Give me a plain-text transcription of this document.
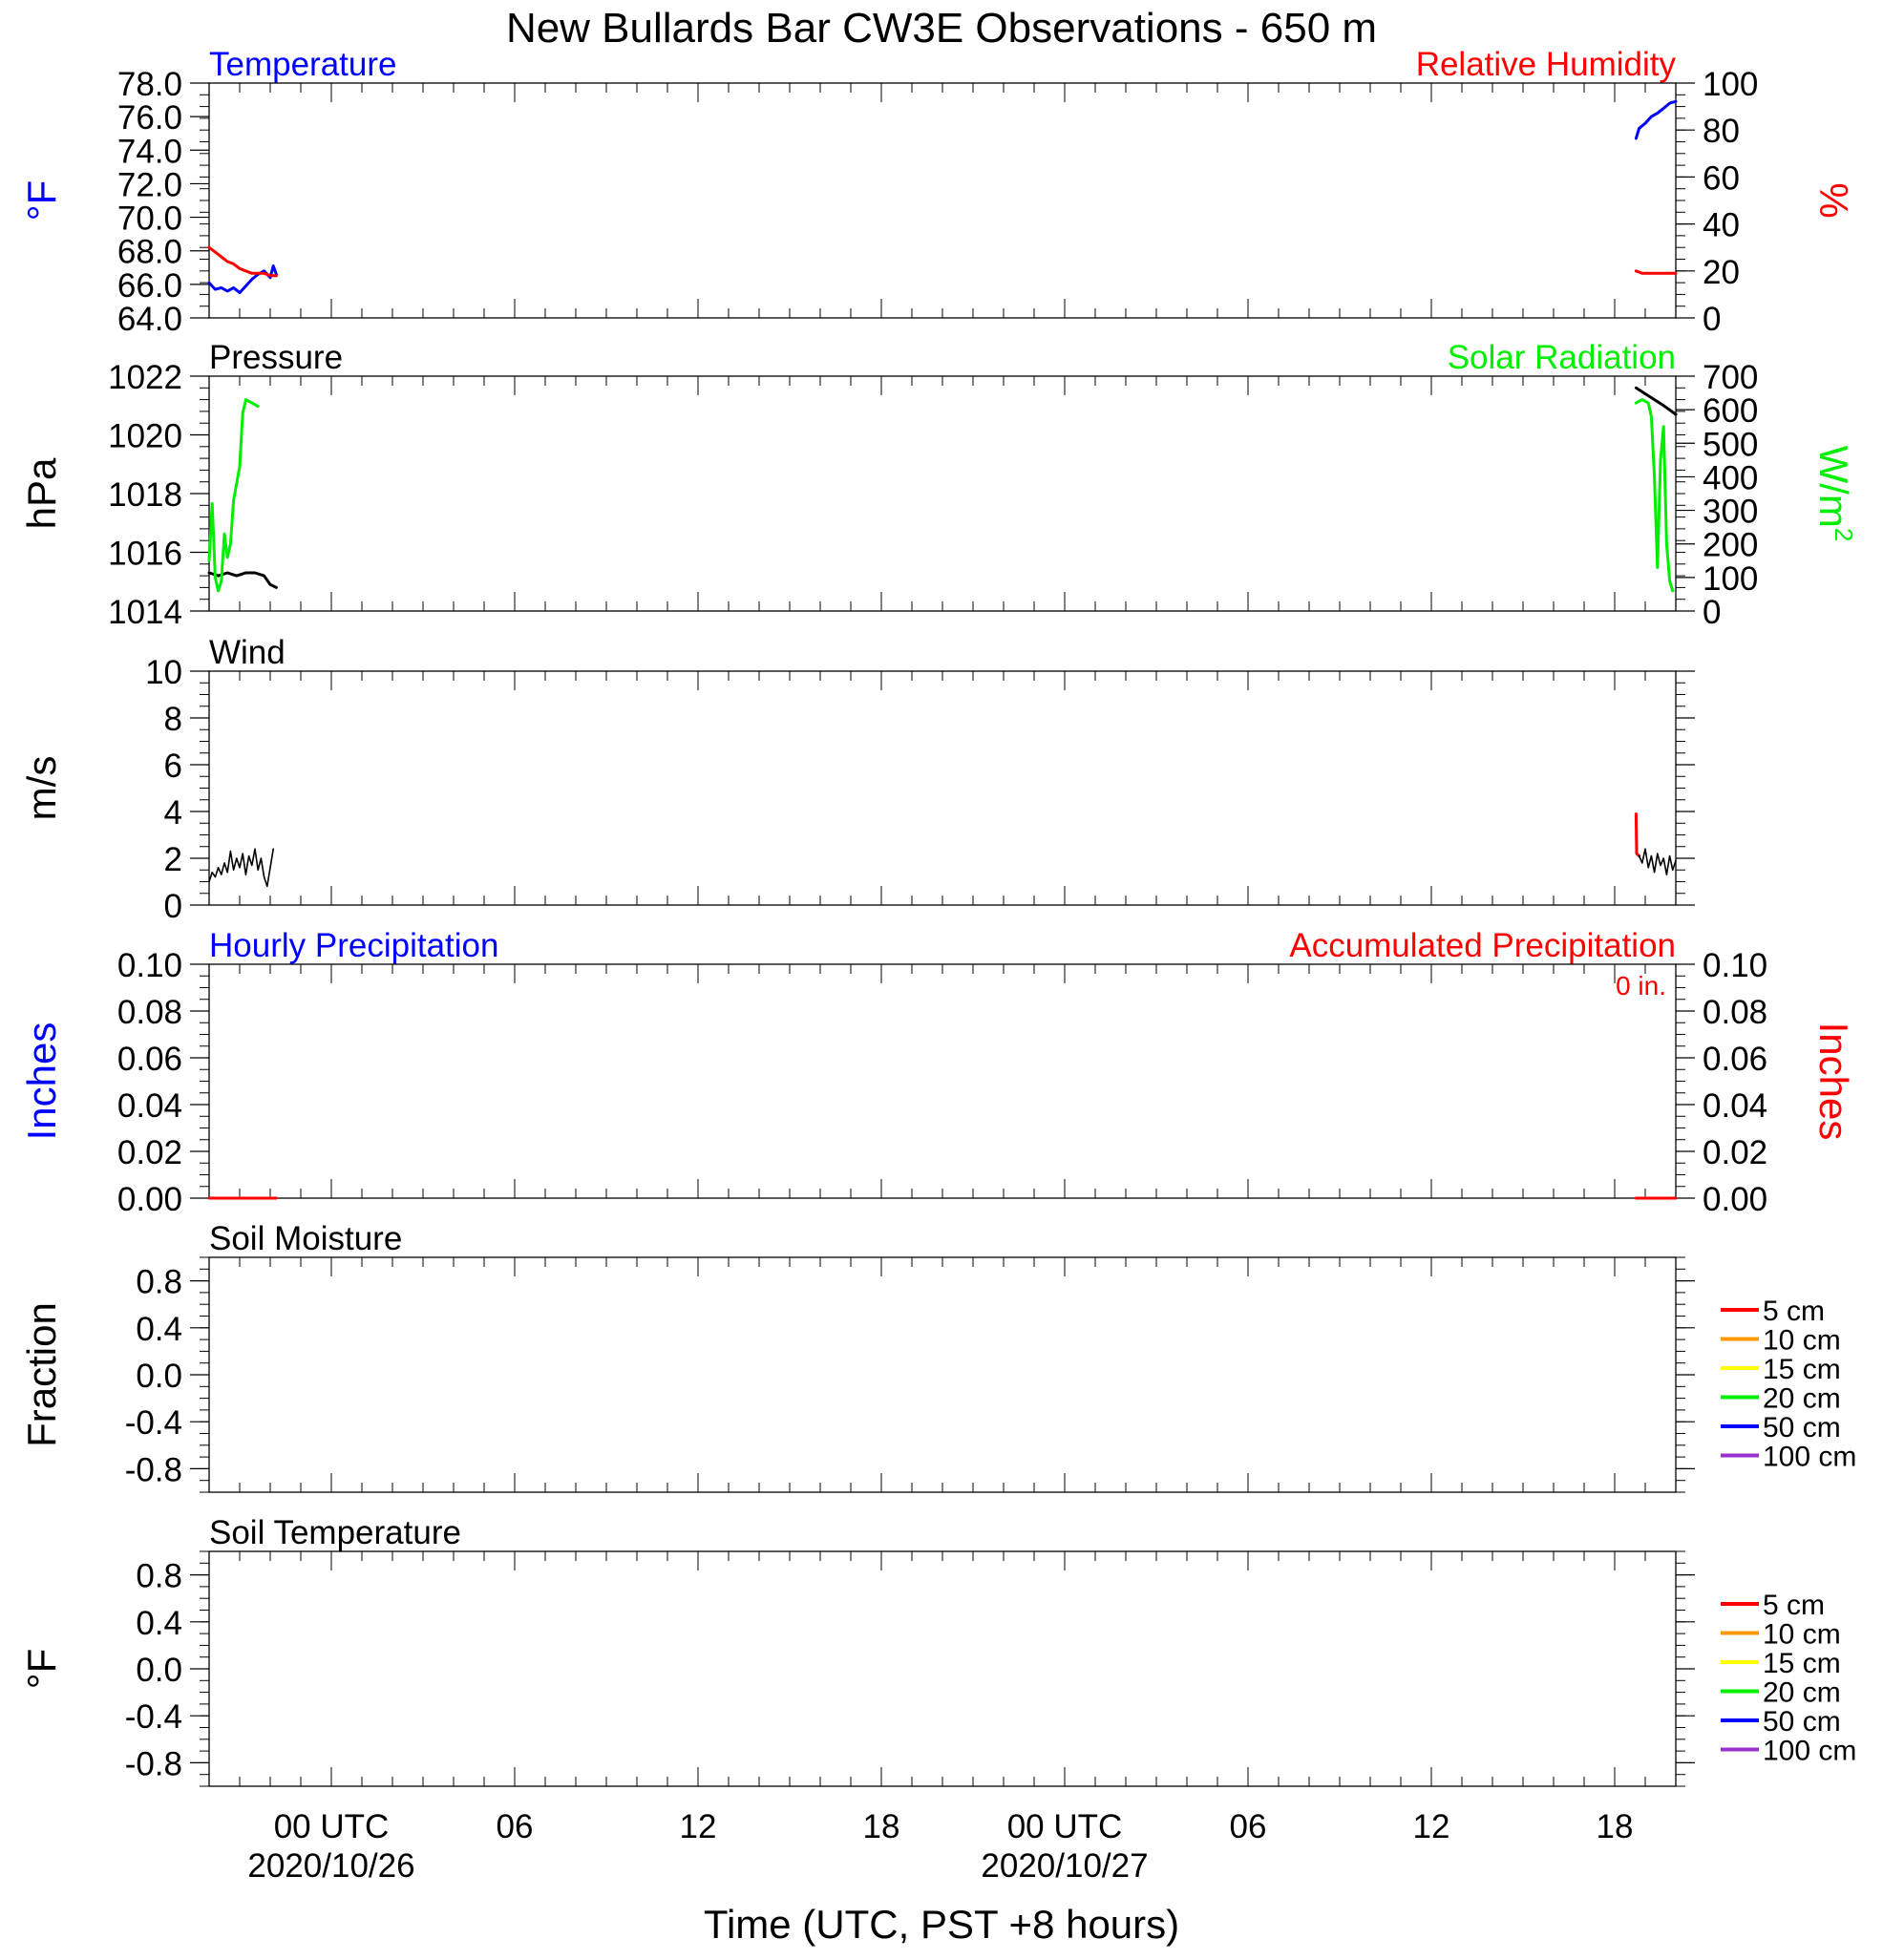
New Bullards Bar CW3E Observations - 650 m
64.0
66.0
68.0
70.0
72.0
74.0
76.0
78.0
0
20
40
60
80
100
Temperature	Relative Humidity
°F	%
1014
1016
1018
1020
1022
0
100
200
300
400
500
600
700
Pressure	Solar Radiation
hPa	$W/m^2$
0
2
4
6
8
10
Wind
m/s
0.00
0.02
0.04
0.06
0.08
0.10
0.00
0.02
0.04
0.06
0.08
0.10
Hourly Precipitation	Accumulated Precipitation
0 in.
Inches	Inches
-0.8
-0.4
0.0
0.4
0.8
Soil Moisture
Fraction	5 cm
10 cm
15 cm
20 cm
50 cm
100 cm
-0.8
-0.4
0.0
0.4
0.8
Soil Temperature
°F
5 cm
10 cm
15 cm
20 cm
50 cm
100 cm
00 UTC
2020/10/26
06	12	18	00 UTC
2020/10/27
06	12	18
Time (UTC, PST +8 hours)
